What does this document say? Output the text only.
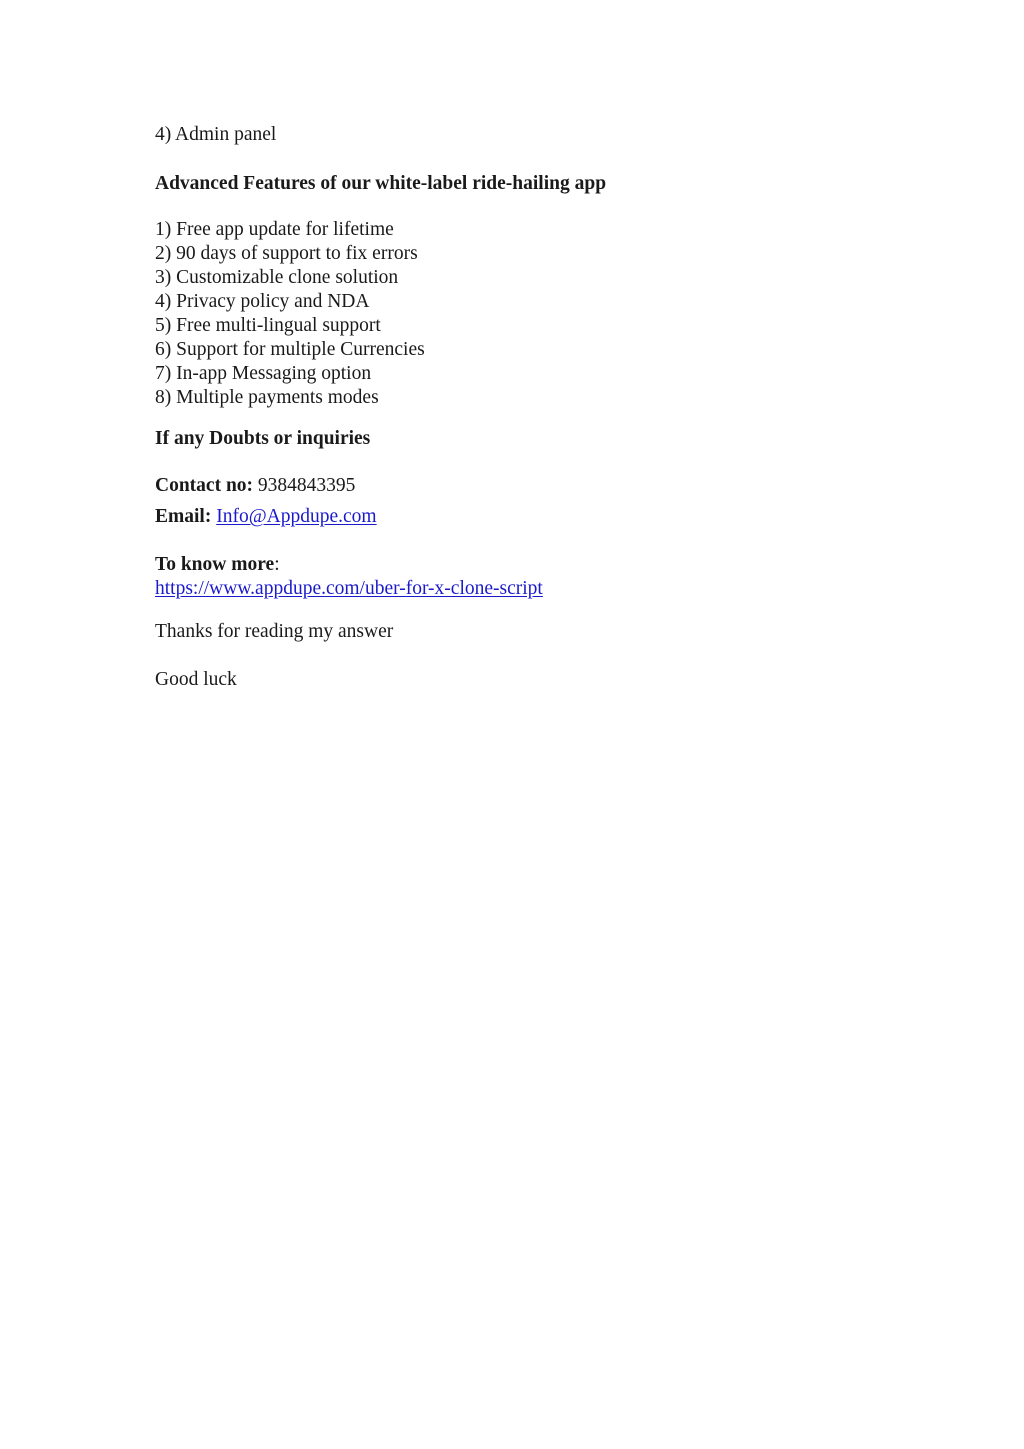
4) Admin panel
Advanced Features of our white-label ride-hailing app
1) Free app update for lifetime
2) 90 days of support to fix errors
3) Customizable clone solution
4) Privacy policy and NDA
5) Free multi-lingual support
6) Support for multiple Currencies
7) In-app Messaging option
8) Multiple payments modes
If any Doubts or inquiries
Contact no: 9384843395
Email: Info@Appdupe.com
To know more:
https://www.appdupe.com/uber-for-x-clone-script
Thanks for reading my answer
Good luck
